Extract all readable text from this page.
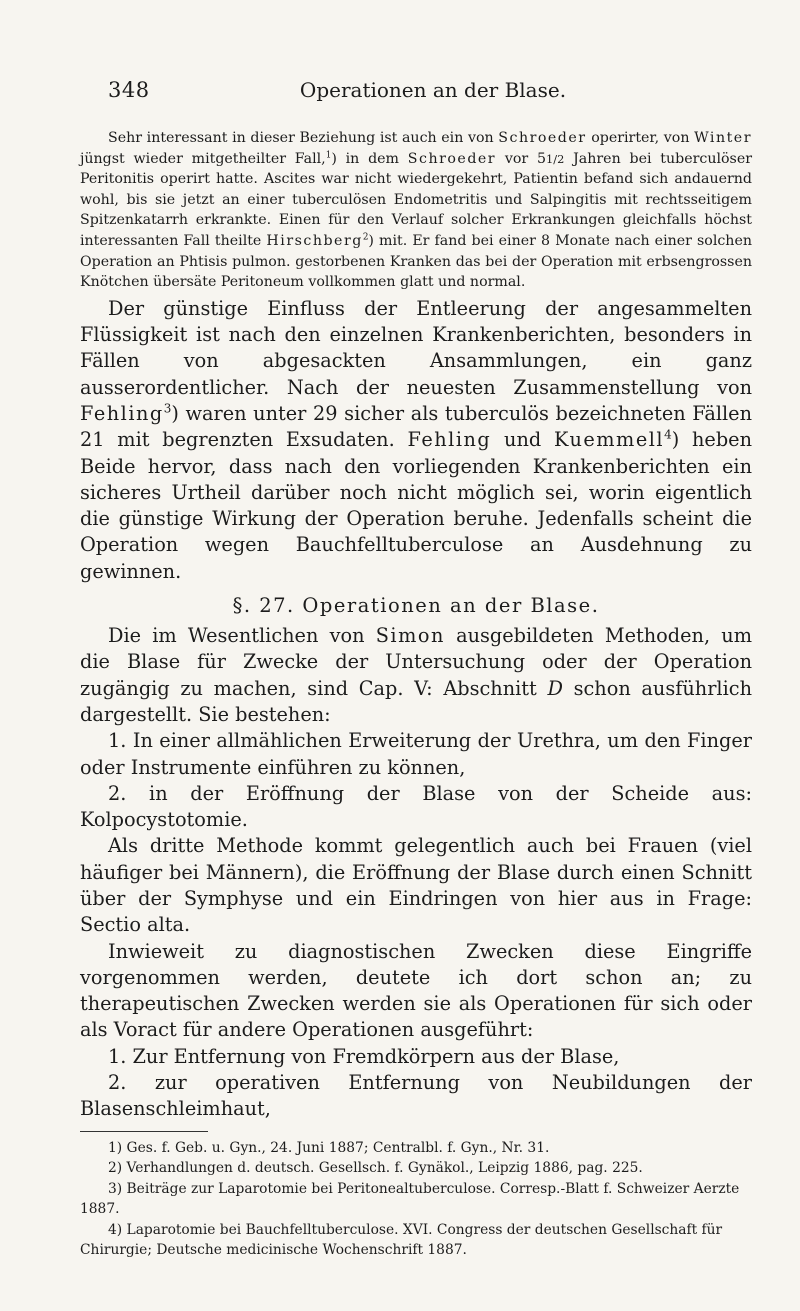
348	Operationen an der Blase.

Sehr interessant in dieser Beziehung ist auch ein von Schroeder operirter, von Winter jüngst wieder mitgetheilter Fall,$^1$) in dem Schroeder vor 51/2 Jahren bei tuberculöser Peritonitis operirt hatte. Ascites war nicht wiedergekehrt, Patientin befand sich andauernd wohl, bis sie jetzt an einer tuberculösen Endometritis und Salpingitis mit rechtsseitigem Spitzenkatarrh erkrankte. Einen für den Verlauf solcher Erkrankungen gleichfalls höchst interessanten Fall theilte Hirschberg$^2$) mit. Er fand bei einer 8 Monate nach einer solchen Operation an Phtisis pulmon. gestorbenen Kranken das bei der Operation mit erbsengrossen Knötchen übersäte Peritoneum vollkommen glatt und normal.

Der günstige Einfluss der Entleerung der angesammelten Flüssigkeit ist nach den einzelnen Krankenberichten, besonders in Fällen von abgesackten Ansammlungen, ein ganz ausserordentlicher. Nach der neuesten Zusammenstellung von Fehling$^3$) waren unter 29 sicher als tuberculös bezeichneten Fällen 21 mit begrenzten Exsudaten. Fehling und Kuemmell$^4$) heben Beide hervor, dass nach den vorliegenden Krankenberichten ein sicheres Urtheil darüber noch nicht möglich sei, worin eigentlich die günstige Wirkung der Operation beruhe. Jedenfalls scheint die Operation wegen Bauchfelltuberculose an Ausdehnung zu gewinnen.

§. 27. Operationen an der Blase.

Die im Wesentlichen von Simon ausgebildeten Methoden, um die Blase für Zwecke der Untersuchung oder der Operation zugängig zu machen, sind Cap. V: Abschnitt D schon ausführlich dargestellt. Sie bestehen:

1. In einer allmählichen Erweiterung der Urethra, um den Finger oder Instrumente einführen zu können,

2. in der Eröffnung der Blase von der Scheide aus: Kolpocystotomie.

Als dritte Methode kommt gelegentlich auch bei Frauen (viel häufiger bei Männern), die Eröffnung der Blase durch einen Schnitt über der Symphyse und ein Eindringen von hier aus in Frage: Sectio alta.

Inwieweit zu diagnostischen Zwecken diese Eingriffe vorgenommen werden, deutete ich dort schon an; zu therapeutischen Zwecken werden sie als Operationen für sich oder als Voract für andere Operationen ausgeführt:

1. Zur Entfernung von Fremdkörpern aus der Blase,

2. zur operativen Entfernung von Neubildungen der Blasenschleimhaut,

1) Ges. f. Geb. u. Gyn., 24. Juni 1887; Centralbl. f. Gyn., Nr. 31.

2) Verhandlungen d. deutsch. Gesellsch. f. Gynäkol., Leipzig 1886, pag. 225.

3) Beiträge zur Laparotomie bei Peritonealtuberculose. Corresp.-Blatt f. Schweizer Aerzte 1887.

4) Laparotomie bei Bauchfelltuberculose. XVI. Congress der deutschen Gesellschaft für Chirurgie; Deutsche medicinische Wochenschrift 1887.
